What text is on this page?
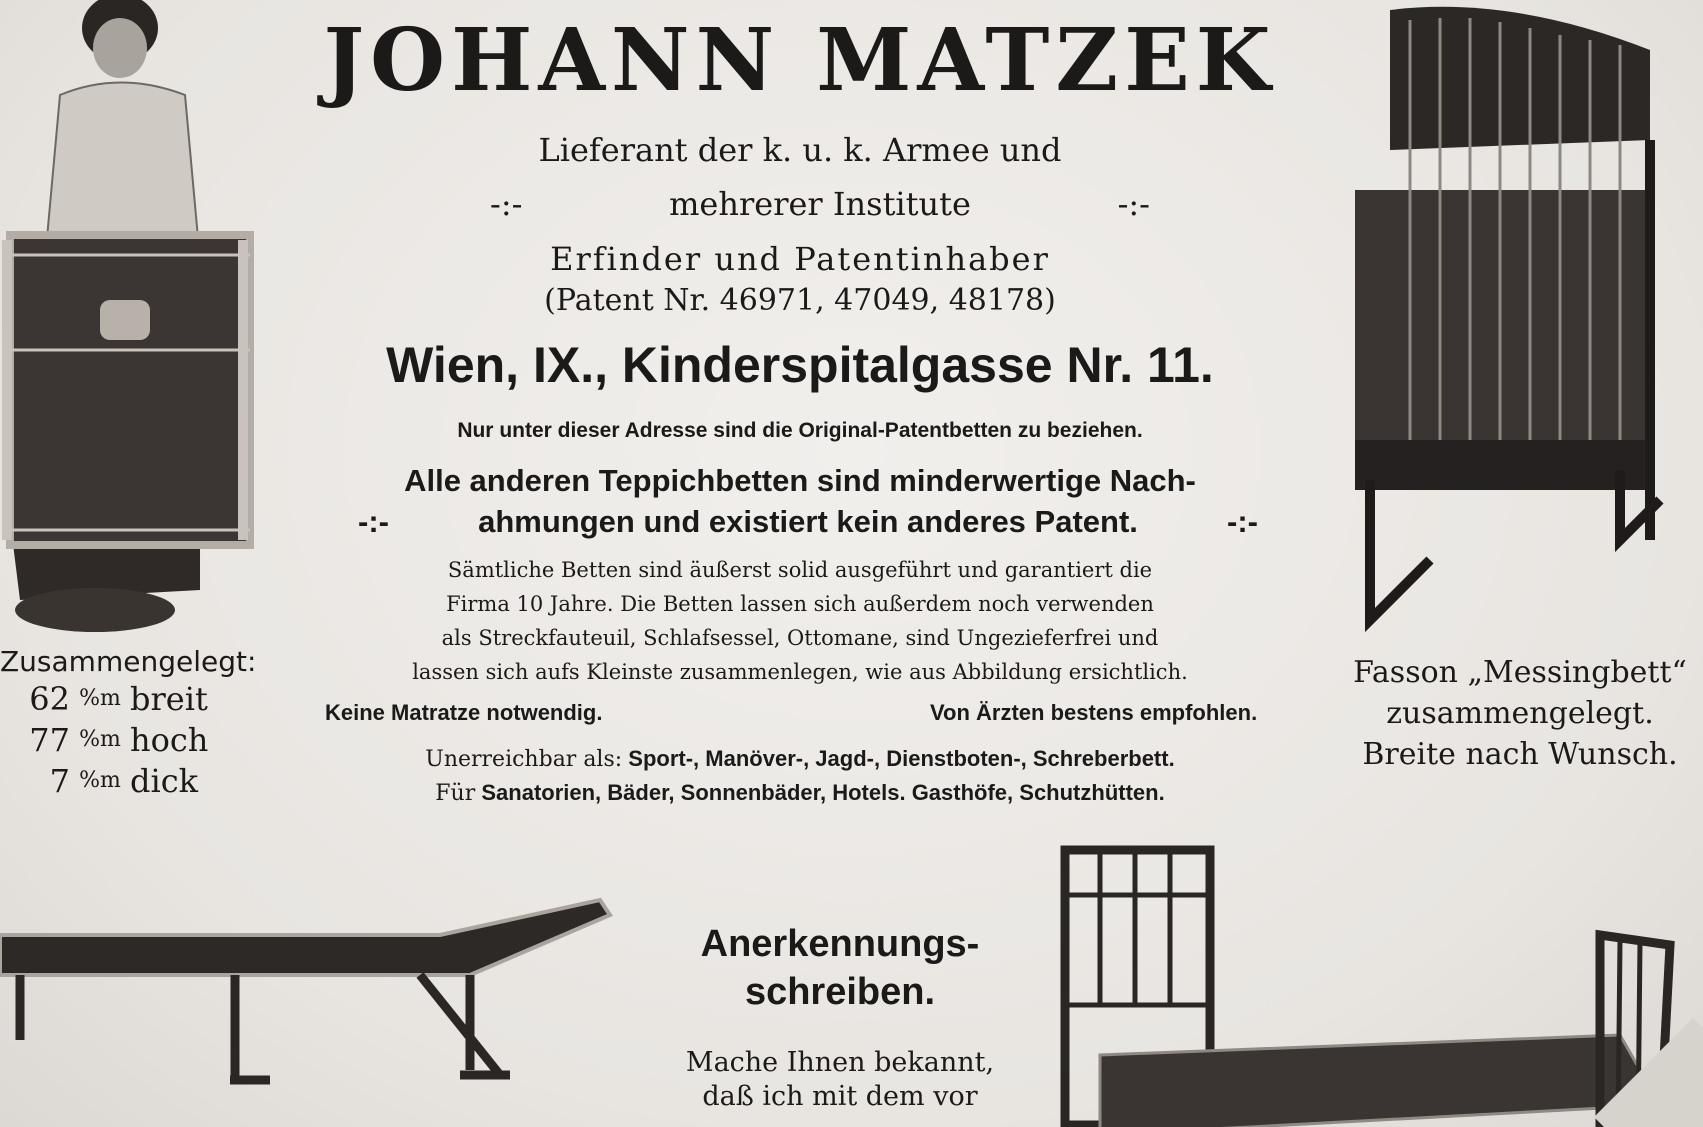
JOHANN MATZEK
Lieferant der k. u. k. Armee und
-:-	mehrerer Institute	-:-
Erfinder und Patentinhaber
(Patent Nr. 46971, 47049, 48178)
Wien, IX., Kinderspitalgasse Nr. 11.
Nur unter dieser Adresse sind die Original-Patentbetten zu beziehen.
Alle anderen Teppichbetten sind minderwertige Nach-
-:-	ahmungen und existiert kein anderes Patent.	-:-
Sämtliche Betten sind äußerst solid ausgeführt und garantiert die
Firma 10 Jahre. Die Betten lassen sich außerdem noch verwenden
als Streckfauteuil, Schlafsessel, Ottomane, sind Ungezieferfrei und
lassen sich aufs Kleinste zusammenlegen, wie aus Abbildung ersichtlich.
Keine Matratze notwendig.	Von Ärzten bestens empfohlen.
Unerreichbar als: Sport-, Manöver-, Jagd-, Dienstboten-, Schreberbett.
Für Sanatorien, Bäder, Sonnenbäder, Hotels. Gasthöfe, Schutzhütten.
Zusammengelegt:
62 %m breit
77 %m hoch
7 %m dick
Fasson „Messingbett“
zusammengelegt.
Breite nach Wunsch.
Anerkennungs-
schreiben.
Mache Ihnen bekannt,
daß ich mit dem vor
